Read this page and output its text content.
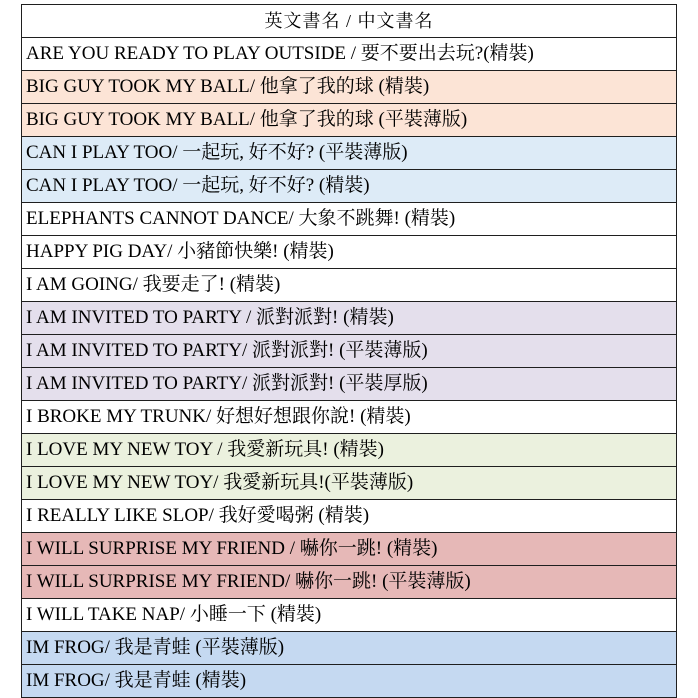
英文書名 / 中文書名
ARE YOU READY TO PLAY OUTSIDE / 要不要出去玩?(精裝)
BIG GUY TOOK MY BALL/ 他拿了我的球 (精裝)
BIG GUY TOOK MY BALL/ 他拿了我的球 (平裝薄版)
CAN I PLAY TOO/ 一起玩, 好不好? (平裝薄版)
CAN I PLAY TOO/ 一起玩, 好不好? (精裝)
ELEPHANTS CANNOT DANCE/ 大象不跳舞! (精裝)
HAPPY PIG DAY/ 小豬節快樂! (精裝)
I AM GOING/ 我要走了! (精裝)
I AM INVITED TO PARTY / 派對派對! (精裝)
I AM INVITED TO PARTY/ 派對派對! (平裝薄版)
I AM INVITED TO PARTY/ 派對派對! (平裝厚版)
I BROKE MY TRUNK/ 好想好想跟你說! (精裝)
I LOVE MY NEW TOY / 我愛新玩具! (精裝)
I LOVE MY NEW TOY/ 我愛新玩具!(平裝薄版)
I REALLY LIKE SLOP/ 我好愛喝粥 (精裝)
I WILL SURPRISE MY FRIEND / 嚇你一跳! (精裝)
I WILL SURPRISE MY FRIEND/ 嚇你一跳! (平裝薄版)
I WILL TAKE NAP/ 小睡一下 (精裝)
IM FROG/ 我是青蛙 (平裝薄版)
IM FROG/ 我是青蛙 (精裝)
